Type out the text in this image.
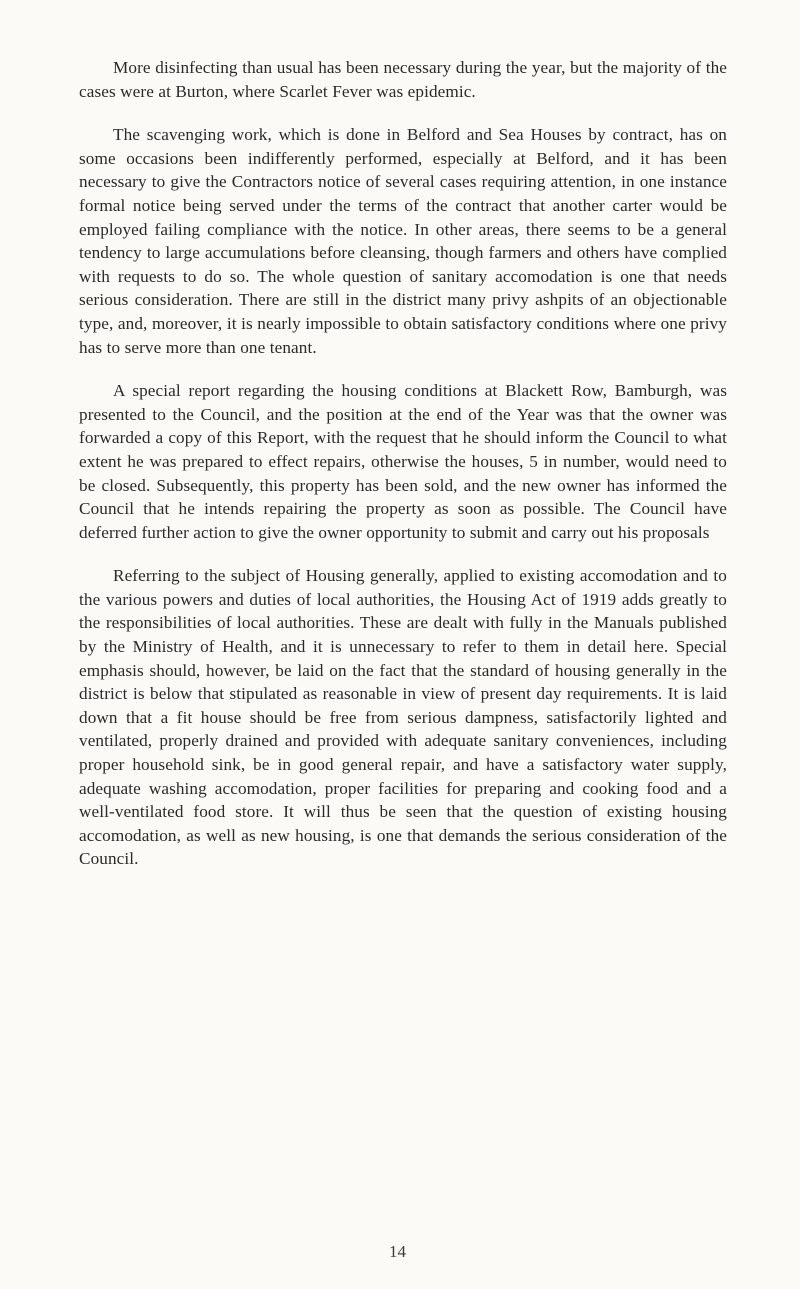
More disinfecting than usual has been necessary during the year, but the majority of the cases were at Burton, where Scarlet Fever was epidemic.

The scavenging work, which is done in Belford and Sea Houses by contract, has on some occasions been indifferently performed, especially at Belford, and it has been necessary to give the Contractors notice of several cases requiring attention, in one instance formal notice being served under the terms of the contract that another carter would be employed failing compliance with the notice. In other areas, there seems to be a general tendency to large accumulations before cleansing, though farmers and others have complied with requests to do so. The whole question of sanitary accomodation is one that needs serious consideration. There are still in the district many privy ashpits of an objectionable type, and, moreover, it is nearly impossible to obtain satisfactory conditions where one privy has to serve more than one tenant.

A special report regarding the housing conditions at Blackett Row, Bamburgh, was presented to the Council, and the position at the end of the Year was that the owner was forwarded a copy of this Report, with the request that he should inform the Council to what extent he was prepared to effect repairs, otherwise the houses, 5 in number, would need to be closed. Subsequently, this property has been sold, and the new owner has informed the Council that he intends repairing the property as soon as possible. The Council have deferred further action to give the owner opportunity to submit and carry out his proposals

Referring to the subject of Housing generally, applied to existing accomodation and to the various powers and duties of local authorities, the Housing Act of 1919 adds greatly to the responsibilities of local authorities. These are dealt with fully in the Manuals published by the Ministry of Health, and it is unnecessary to refer to them in detail here. Special emphasis should, however, be laid on the fact that the standard of housing generally in the district is below that stipulated as reasonable in view of present day requirements. It is laid down that a fit house should be free from serious dampness, satisfactorily lighted and ventilated, properly drained and provided with adequate sanitary conveniences, including proper household sink, be in good general repair, and have a satisfactory water supply, adequate washing accomodation, proper facilities for preparing and cooking food and a well-ventilated food store. It will thus be seen that the question of existing housing accomodation, as well as new housing, is one that demands the serious consideration of the Council.

14
